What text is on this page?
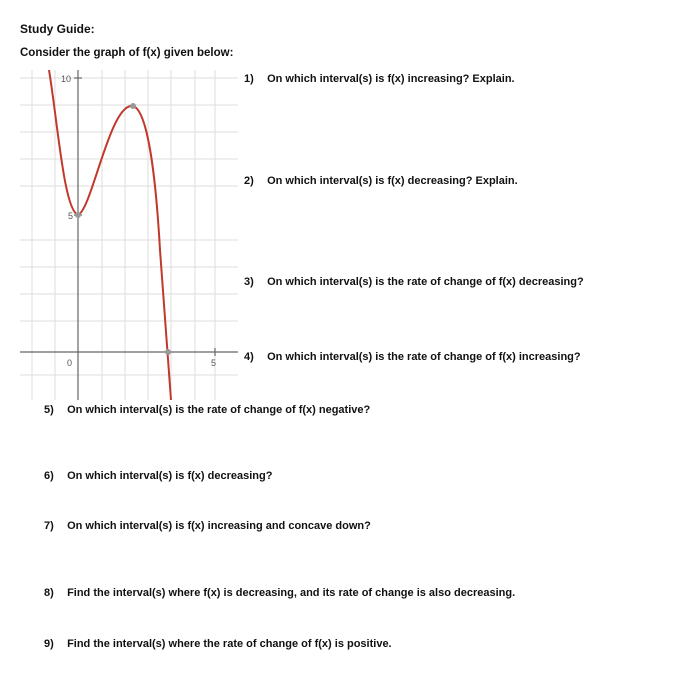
Study Guide:
Consider the graph of f(x) given below:
10
5
0	5
1) On which interval(s) is f(x) increasing? Explain.
2) On which interval(s) is f(x) decreasing? Explain.
3) On which interval(s) is the rate of change of f(x) decreasing?
4) On which interval(s) is the rate of change of f(x) increasing?
5) On which interval(s) is the rate of change of f(x) negative?
6) On which interval(s) is f(x) decreasing?
7) On which interval(s) is f(x) increasing and concave down?
8) Find the interval(s) where f(x) is decreasing, and its rate of change is also decreasing.
9) Find the interval(s) where the rate of change of f(x) is positive.
